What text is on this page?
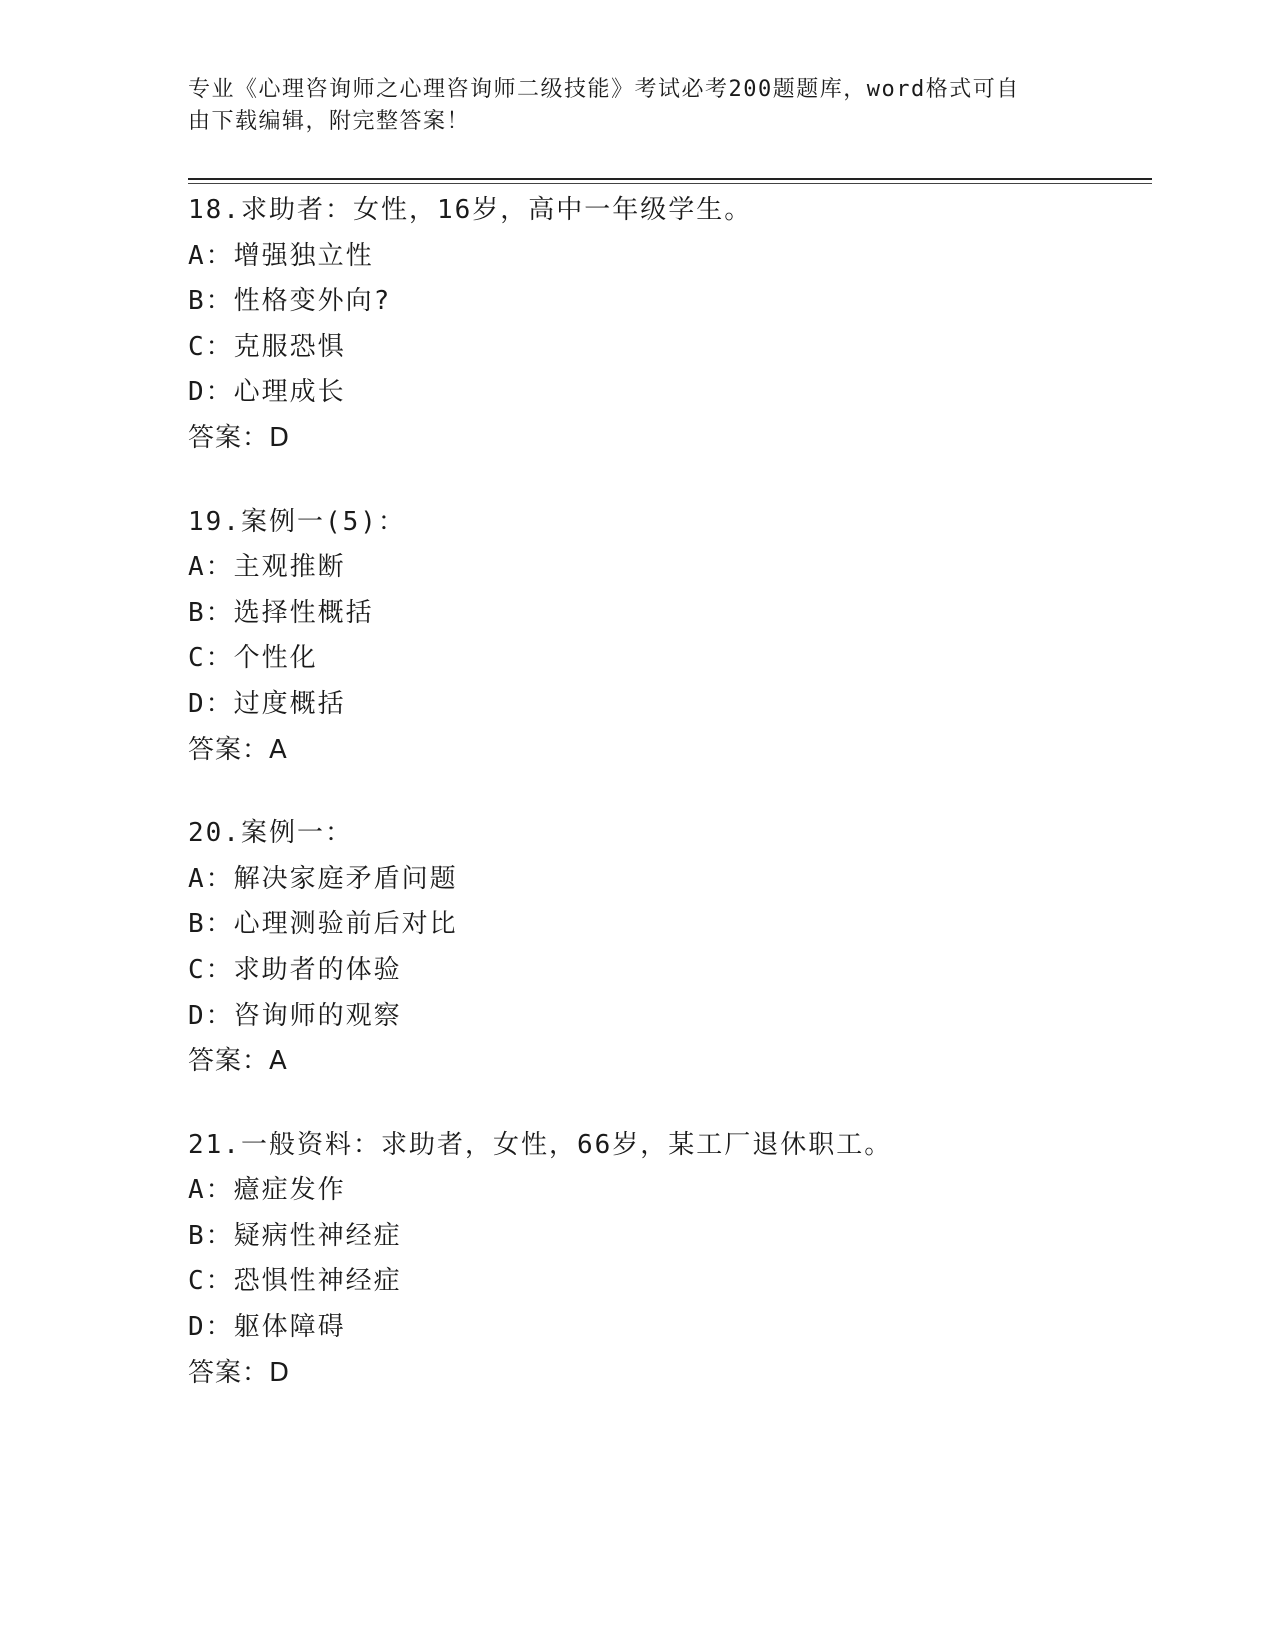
专业《心理咨询师之心理咨询师二级技能》考试必考200题题库，word格式可自
由下载编辑，附完整答案！
18.求助者：女性，16岁，高中一年级学生。
A：增强独立性
B：性格变外向?
C：克服恐惧
D：心理成长
答案：D
19.案例一(5)：
A：主观推断
B：选择性概括
C：个性化
D：过度概括
答案：A
20.案例一：
A：解决家庭矛盾问题
B：心理测验前后对比
C：求助者的体验
D：咨询师的观察
答案：A
21.一般资料：求助者，女性，66岁，某工厂退休职工。
A：癔症发作
B：疑病性神经症
C：恐惧性神经症
D：躯体障碍
答案：D
